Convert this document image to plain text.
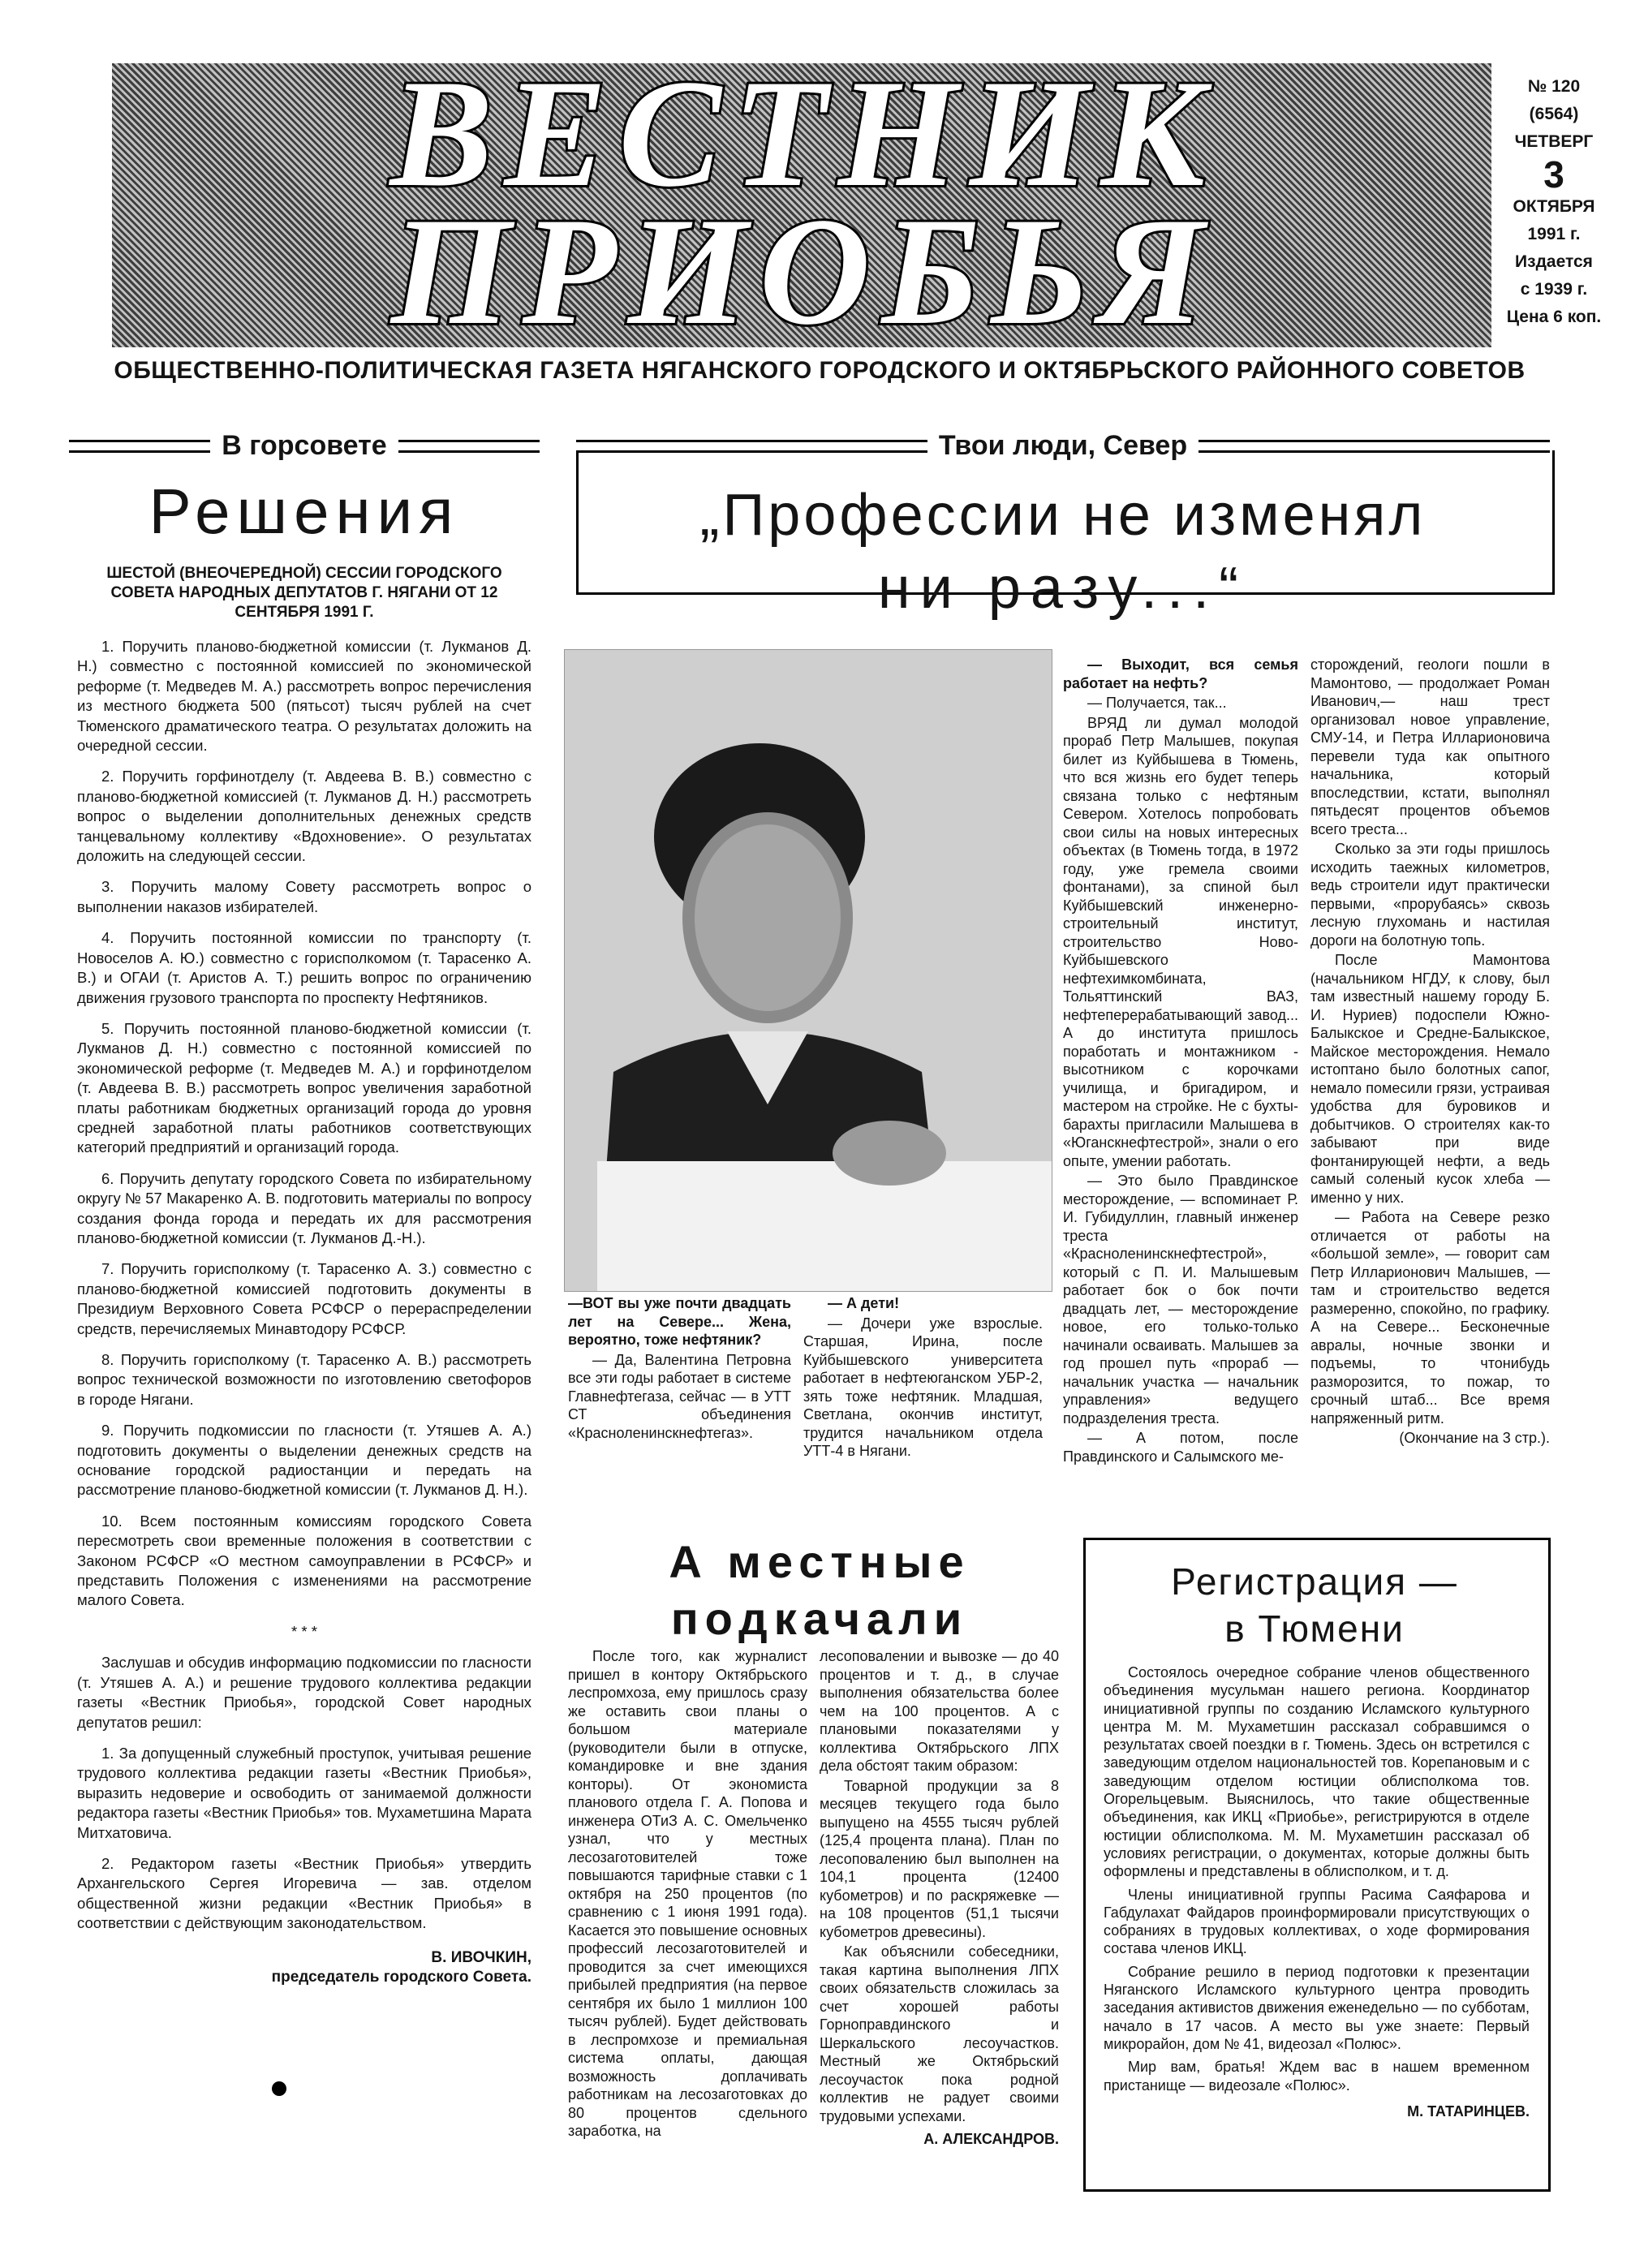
ВЕСТНИК
ПРИОБЬЯ
№ 120
(6564)
ЧЕТВЕРГ
3
ОКТЯБРЯ
1991 г.
Издается
с 1939 г.
Цена 6 коп.
ОБЩЕСТВЕННО-ПОЛИТИЧЕСКАЯ ГАЗЕТА НЯГАНСКОГО ГОРОДСКОГО И ОКТЯБРЬСКОГО РАЙОННОГО СОВЕТОВ
В горсовете
Решения
ШЕСТОЙ (ВНЕОЧЕРЕДНОЙ) СЕССИИ ГОРОДСКОГО СОВЕТА НАРОДНЫХ ДЕПУТАТОВ Г. НЯГАНИ ОТ 12 СЕНТЯБРЯ 1991 Г.

1. Поручить планово-бюджетной комиссии (т. Лукманов Д. Н.) совместно с постоянной комиссией по экономической реформе (т. Медведев М. А.) рассмотреть вопрос перечисления из местного бюджета 500 (пятьсот) тысяч рублей на счет Тюменского драматического театра. О результатах доложить на очередной сессии.

2. Поручить горфинотделу (т. Авдеева В. В.) совместно с планово-бюджетной комиссией (т. Лукманов Д. Н.) рассмотреть вопрос о выделении дополнительных денежных средств танцевальному коллективу «Вдохновение». О результатах доложить на следующей сессии.

3. Поручить малому Совету рассмотреть вопрос о выполнении наказов избирателей.

4. Поручить постоянной комиссии по транспорту (т. Новоселов А. Ю.) совместно с горисполкомом (т. Тарасенко А. В.) и ОГАИ (т. Аристов А. Т.) решить вопрос по ограничению движения грузового транспорта по проспекту Нефтяников.

5. Поручить постоянной планово-бюджетной комиссии (т. Лукманов Д. Н.) совместно с постоянной комиссией по экономической реформе (т. Медведев М. А.) и горфинотделом (т. Авдеева В. В.) рассмотреть вопрос увеличения заработной платы работникам бюджетных организаций города до уровня средней заработной платы работников соответствующих категорий предприятий и организаций города.

6. Поручить депутату городского Совета по избирательному округу № 57 Макаренко А. В. подготовить материалы по вопросу создания фонда города и передать их для рассмотрения планово-бюджетной комиссии (т. Лукманов Д.-Н.).

7. Поручить горисполкому (т. Тарасенко А. З.) совместно с планово-бюджетной комиссией подготовить документы в Президиум Верховного Совета РСФСР о перераспределении средств, перечисляемых Минавтодору РСФСР.

8. Поручить горисполкому (т. Тарасенко А. В.) рассмотреть вопрос технической возможности по изготовлению светофоров в городе Нягани.

9. Поручить подкомиссии по гласности (т. Утяшев А. А.) подготовить документы о выделении денежных средств на основание городской радиостанции и передать на рассмотрение планово-бюджетной комиссии (т. Лукманов Д. Н.).

10. Всем постоянным комиссиям городского Совета пересмотреть свои временные положения в соответствии с Законом РСФСР «О местном самоуправлении в РСФСР» и представить Положения с изменениями на рассмотрение малого Совета.

* * *

Заслушав и обсудив информацию подкомиссии по гласности (т. Утяшев А. А.) и решение трудового коллектива редакции газеты «Вестник Приобья», городской Совет народных депутатов решил:

1. За допущенный служебный проступок, учитывая решение трудового коллектива редакции газеты «Вестник Приобья», выразить недоверие и освободить от занимаемой должности редактора газеты «Вестник Приобья» тов. Мухаметшина Марата Митхатовича.

2. Редактором газеты «Вестник Приобья» утвердить Архангельского Сергея Игоревича — зав. отделом общественной жизни редакции «Вестник Приобья» в соответствии с действующим законодательством.

В. ИВОЧКИН,
председатель городского Совета.
Твои люди, Север
„Профессии не изменял
ни разу...“

—ВОТ вы уже почти двадцать лет на Севере... Жена, вероятно, тоже нефтяник?

— Да, Валентина Петровна все эти годы работает в системе Главнефтегаза, сейчас — в УТТ СТ объединения «Красноленинскнефтегаз».

— А дети!

— Дочери уже взрослые. Старшая, Ирина, после Куйбышевского университета работает в нефтеюганском УБР-2, зять тоже нефтяник. Младшая, Светлана, окончив институт, трудится начальником отдела УТТ-4 в Нягани.

— Выходит, вся семья работает на нефть?

— Получается, так...

ВРЯД ли думал молодой прораб Петр Малышев, покупая билет из Куйбышева в Тюмень, что вся жизнь его будет теперь связана только с нефтяным Севером. Хотелось попробовать свои силы на новых интересных объектах (в Тюмень тогда, в 1972 году, уже гремела своими фонтанами), за спиной был Куйбышевский инженерно-строительный институт, строительство Ново-Куйбышевского нефтехимкомбината, Тольяттинский ВАЗ, нефтеперерабатывающий завод... А до института пришлось поработать и монтажником - высотником с корочками училища, и бригадиром, и мастером на стройке. Не с бухты-барахты пригласили Малышева в «Юганскнефтестрой», знали о его опыте, умении работать.

— Это было Правдинское месторождение, — вспоминает Р. И. Губидуллин, главный инженер треста «Красноленинскнефтестрой», который с П. И. Малышевым работает бок о бок почти двадцать лет, — месторождение новое, его только-только начинали осваивать. Малышев за год прошел путь «прораб — начальник участка — начальник управления» ведущего подразделения треста.

— А потом, после Правдинского и Салымского ме-

сторождений, геологи пошли в Мамонтово, — продолжает Роман Иванович,— наш трест организовал новое управление, СМУ-14, и Петра Илларионовича перевели туда как опытного начальника, который впоследствии, кстати, выполнял пятьдесят процентов объемов всего треста...

Сколько за эти годы пришлось исходить таежных километров, ведь строители идут практически первыми, «прорубаясь» сквозь лесную глухомань и настилая дороги на болотную топь.

После Мамонтова (начальником НГДУ, к слову, был там известный нашему городу Б. И. Нуриев) подоспели Южно-Балыкское и Средне-Балыкское, Майское месторождения. Немало истоптано было болотных сапог, немало помесили грязи, устраивая удобства для буровиков и добытчиков. О строителях как-то забывают при виде фонтанирующей нефти, а ведь самый соленый кусок хлеба — именно у них.

— Работа на Севере резко отличается от работы на «большой земле», — говорит сам Петр Илларионович Малышев, — там и строительство ведется размеренно, спокойно, по графику. А на Севере... Бесконечные авралы, ночные звонки и подъемы, то чтонибудь разморозится, то пожар, то срочный штаб... Все время напряженный ритм.

(Окончание на 3 стр.).

А местные
подкачали

После того, как журналист пришел в контору Октябрьского леспромхоза, ему пришлось сразу же оставить свои планы о большом материале (руководители были в отпуске, командировке и вне здания конторы). От экономиста планового отдела Г. А. Попова и инженера ОТиЗ А. С. Омельченко узнал, что у местных лесозаготовителей тоже повышаются тарифные ставки с 1 октября на 250 процентов (по сравнению с 1 июня 1991 года). Касается это повышение основных профессий лесозаготовителей и проводится за счет имеющихся прибылей предприятия (на первое сентября их было 1 миллион 100 тысяч рублей). Будет действовать в леспромхозе и премиальная система оплаты, дающая возможность доплачивать работникам на лесозаготовках до 80 процентов сдельного заработка, на

лесоповалении и вывозке — до 40 процентов и т. д., в случае выполнения обязательства более чем на 100 процентов. А с плановыми показателями у коллектива Октябрьского ЛПХ дела обстоят таким образом:

Товарной продукции за 8 месяцев текущего года было выпущено на 4555 тысяч рублей (125,4 процента плана). План по лесоповалению был выполнен на 104,1 процента (12400 кубометров) и по раскряжевке — на 108 процентов (51,1 тысячи кубометров древесины).

Как объяснили собеседники, такая картина выполнения ЛПХ своих обязательств сложилась за счет хорошей работы Горноправдинского и Шеркальского лесоучастков. Местный же Октябрьский лесоучасток пока родной коллектив не радует своими трудовыми успехами.

А. АЛЕКСАНДРОВ.
Регистрация —
в Тюмени

Состоялось очередное собрание членов общественного объединения мусульман нашего региона. Координатор инициативной группы по созданию Исламского культурного центра М. М. Мухаметшин рассказал собравшимся о результатах своей поездки в г. Тюмень. Здесь он встретился с заведующим отделом национальностей тов. Корепановым и с заведующим отделом юстиции облисполкома тов. Огорельцевым. Выяснилось, что такие общественные объединения, как ИКЦ «Приобье», регистрируются в отделе юстиции облисполкома. М. М. Мухаметшин рассказал об условиях регистрации, о документах, которые должны быть оформлены и представлены в облисполком, и т. д.

Члены инициативной группы Расима Саяфарова и Габдулахат Файдаров проинформировали присутствующих о собраниях в трудовых коллективах, о ходе формирования состава членов ИКЦ.

Собрание решило в период подготовки к презентации Няганского Исламского культурного центра проводить заседания активистов движения еженедельно — по субботам, начало в 17 часов. А место вы уже знаете: Первый микрорайон, дом № 41, видеозал «Полюс».

Мир вам, братья! Ждем вас в нашем временном пристанище — видеозале «Полюс».

М. ТАТАРИНЦЕВ.
